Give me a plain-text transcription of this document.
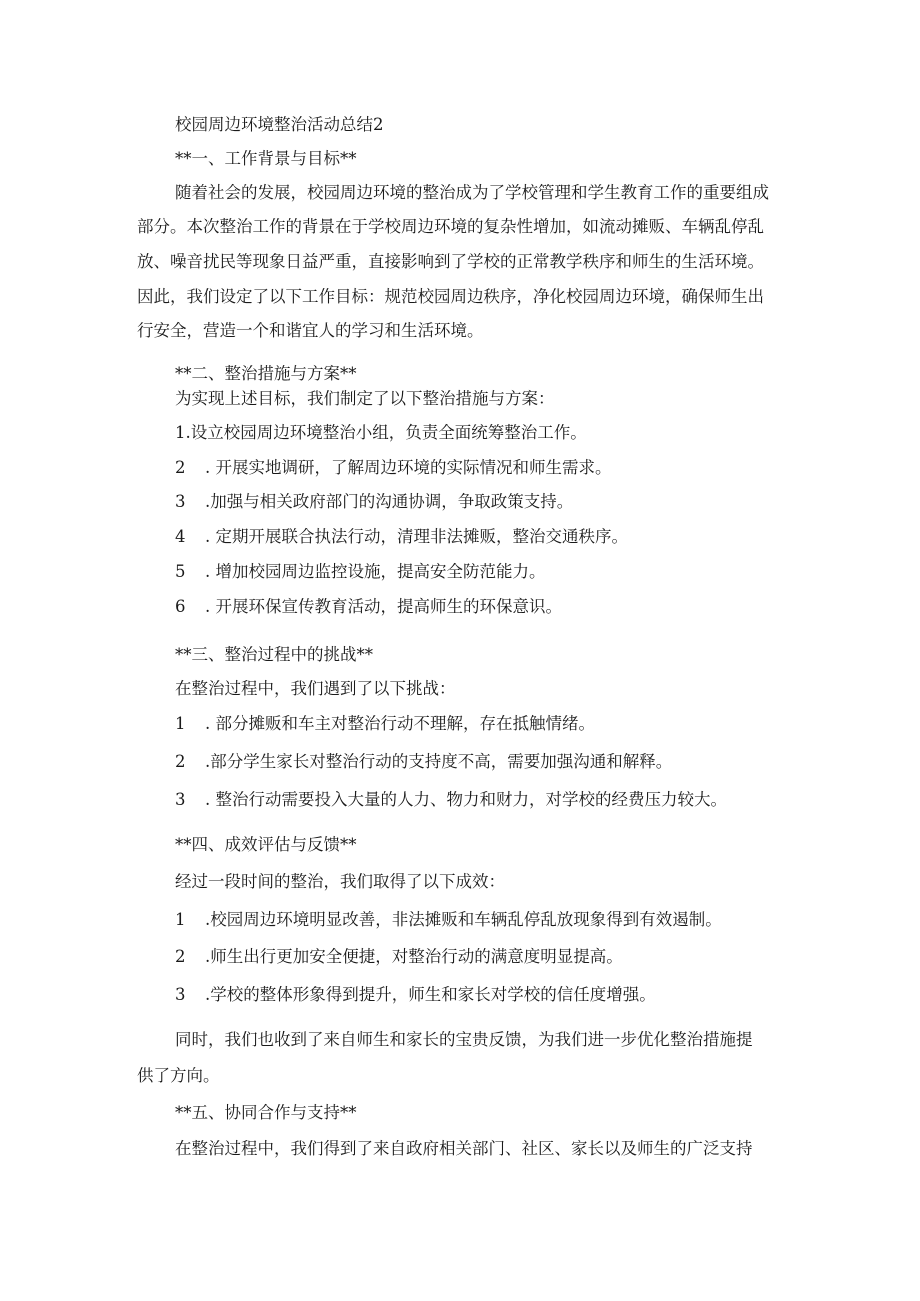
校园周边环境整治活动总结2
**一、工作背景与目标**
随着社会的发展，校园周边环境的整治成为了学校管理和学生教育工作的重要组成
部分。本次整治工作的背景在于学校周边环境的复杂性增加，如流动摊贩、车辆乱停乱
放、噪音扰民等现象日益严重，直接影响到了学校的正常教学秩序和师生的生活环境。
因此，我们设定了以下工作目标：规范校园周边秩序，净化校园周边环境，确保师生出
行安全，营造一个和谐宜人的学习和生活环境。
**二、整治措施与方案**
为实现上述目标，我们制定了以下整治措施与方案：
1.设立校园周边环境整治小组，负责全面统筹整治工作。
2 . 开展实地调研，了解周边环境的实际情况和师生需求。
3 .加强与相关政府部门的沟通协调，争取政策支持。
4 . 定期开展联合执法行动，清理非法摊贩，整治交通秩序。
5 . 增加校园周边监控设施，提高安全防范能力。
6 . 开展环保宣传教育活动，提高师生的环保意识。
**三、整治过程中的挑战**
在整治过程中，我们遇到了以下挑战：
1 . 部分摊贩和车主对整治行动不理解，存在抵触情绪。
2 .部分学生家长对整治行动的支持度不高，需要加强沟通和解释。
3 . 整治行动需要投入大量的人力、物力和财力，对学校的经费压力较大。
**四、成效评估与反馈**
经过一段时间的整治，我们取得了以下成效：
1 .校园周边环境明显改善，非法摊贩和车辆乱停乱放现象得到有效遏制。
2 .师生出行更加安全便捷，对整治行动的满意度明显提高。
3 .学校的整体形象得到提升，师生和家长对学校的信任度增强。
同时，我们也收到了来自师生和家长的宝贵反馈，为我们进一步优化整治措施提
供了方向。
**五、协同合作与支持**
在整治过程中，我们得到了来自政府相关部门、社区、家长以及师生的广泛支持
